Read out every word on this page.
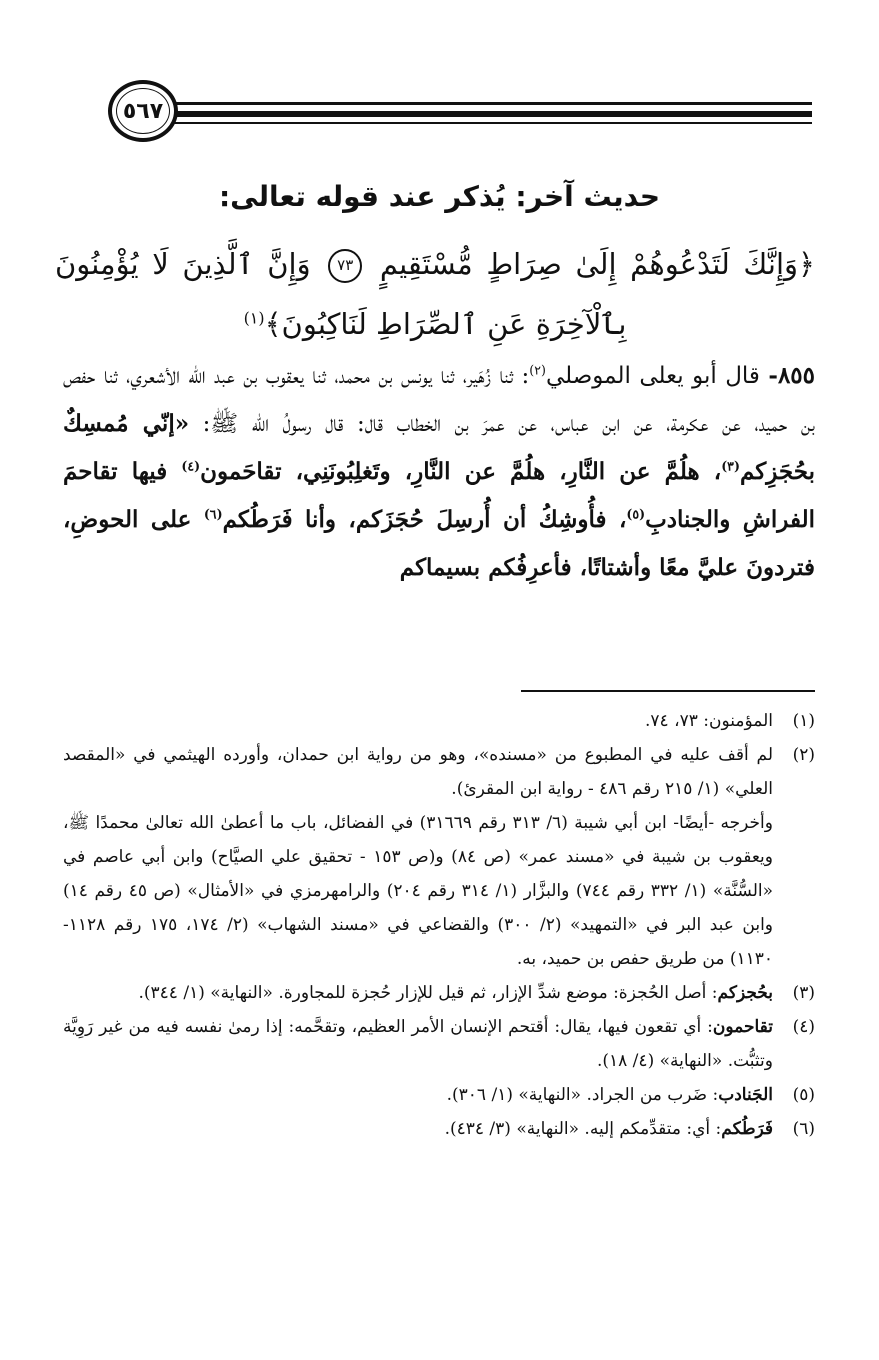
٥٦٧
حديث آخر: يُذكر عند قوله تعالى:
﴿وَإِنَّكَ لَتَدْعُوهُمْ إِلَىٰ صِرَاطٍ مُّسْتَقِيمٍ ٧٣ وَإِنَّ ٱلَّذِينَ لَا يُؤْمِنُونَ بِٱلْآخِرَةِ عَنِ ٱلصِّرَاطِ لَنَاكِبُونَ﴾$^{(١)}$

٨٥٥- قال أبو يعلى الموصلي$^{(٢)}$: ثنا زُهَير، ثنا يونس بن محمد، ثنا يعقوب بن عبد الله الأشعري، ثنا حفص بن حميد، عن عكرمة، عن ابن عباس، عن عمرَ بن الخطاب قال: قال رسولُ الله ﷺ: «إنّي مُمسِكٌ بحُجَزِكم$^{(٣)}$، هلُمَّ عن النَّارِ، هلُمَّ عن النَّارِ، وتَغلِبُونَنِي، تقاحَمون$^{(٤)}$ فيها تقاحمَ الفراشِ والجنادبِ$^{(٥)}$، فأُوشِكُ أن أُرسِلَ حُجَزَكم، وأنا فَرَطُكم$^{(٦)}$ على الحوضِ، فتردونَ عليَّ معًا وأشتاتًا، فأعرِفُكم بسيماكم

(١)

المؤمنون: ٧٣، ٧٤.

(٢)

لم أقف عليه في المطبوع من «مسنده»، وهو من رواية ابن حمدان، وأورده الهيثمي في «المقصد العلي» (١/ ٢١٥ رقم ٤٨٦ - رواية ابن المقرئ).

وأخرجه -أيضًا- ابن أبي شيبة (٦/ ٣١٣ رقم ٣١٦٦٩) في الفضائل، باب ما أعطىٰ الله تعالىٰ محمدًا ﷺ، ويعقوب بن شيبة في «مسند عمر» (ص ٨٤) و(ص ١٥٣ - تحقيق علي الصيَّاح) وابن أبي عاصم في «السُّنَّة» (١/ ٣٣٢ رقم ٧٤٤) والبزَّار (١/ ٣١٤ رقم ٢٠٤) والرامهرمزي في «الأمثال» (ص ٤٥ رقم ١٤) وابن عبد البر في «التمهيد» (٢/ ٣٠٠) والقضاعي في «مسند الشهاب» (٢/ ١٧٤، ١٧٥ رقم ١١٢٨- ١١٣٠) من طريق حفص بن حميد، به.

(٣)

بحُجزكم: أصل الحُجزة: موضع شدِّ الإزار، ثم قيل للإزار حُجزة للمجاورة. «النهاية» (١/ ٣٤٤).

(٤)

تقاحمون: أي تقعون فيها، يقال: أقتحم الإنسان الأمر العظيم، وتقحَّمه: إذا رمىٰ نفسه فيه من غير رَوِيَّة وتثبُّت. «النهاية» (٤/ ١٨).

(٥)

الجَنادب: ضَرب من الجراد. «النهاية» (١/ ٣٠٦).

(٦)

فَرَطُكم: أي: متقدِّمكم إليه. «النهاية» (٣/ ٤٣٤).
